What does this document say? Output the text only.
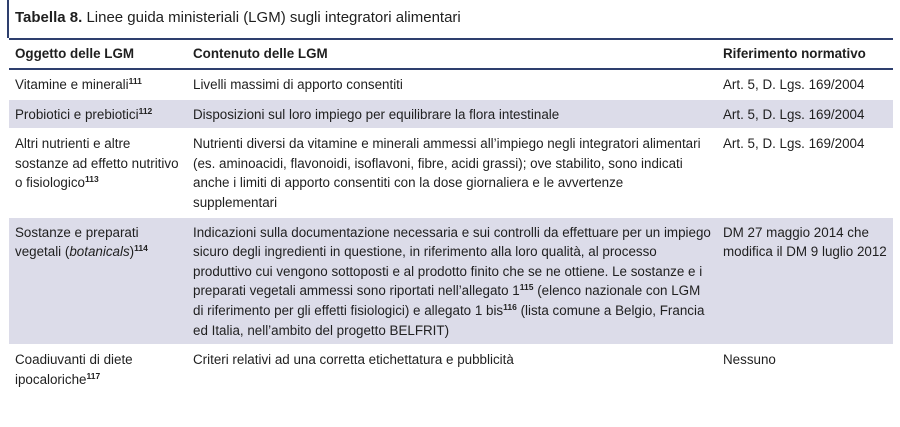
Tabella 8. Linee guida ministeriali (LGM) sugli integratori alimentari
Oggetto delle LGM	Contenuto delle LGM	Riferimento normativo
Vitamine e minerali$^{111}$	Livelli massimi di apporto consentiti	Art. 5, D. Lgs. 169/2004
Probiotici e prebiotici$^{112}$	Disposizioni sul loro impiego per equilibrare la flora intestinale	Art. 5, D. Lgs. 169/2004
Altri nutrienti e altre sostanze ad effetto nutritivo o fisiologico$^{113}$	Nutrienti diversi da vitamine e minerali ammessi all’impiego negli integratori alimentari (es. aminoacidi, flavonoidi, isoflavoni, fibre, acidi grassi); ove stabilito, sono indicati anche i limiti di apporto consentiti con la dose giornaliera e le avvertenze supplementari	Art. 5, D. Lgs. 169/2004
Sostanze e preparati vegetali (botanicals)$^{114}$	Indicazioni sulla documentazione necessaria e sui controlli da effettuare per un impiego sicuro degli ingredienti in questione, in riferimento alla loro qualità, al processo produttivo cui vengono sottoposti e al prodotto finito che se ne ottiene. Le sostanze e i preparati vegetali ammessi sono riportati nell’allegato $1^{115}$ (elenco nazionale con LGM di riferimento per gli effetti fisiologici) e allegato 1 bis$^{116}$ (lista comune a Belgio, Francia ed Italia, nell’ambito del progetto BELFRIT)	DM 27 maggio 2014 che modifica il DM 9 luglio 2012
Coadiuvanti di diete ipocaloriche$^{117}$	Criteri relativi ad una corretta etichettatura e pubblicità	Nessuno
